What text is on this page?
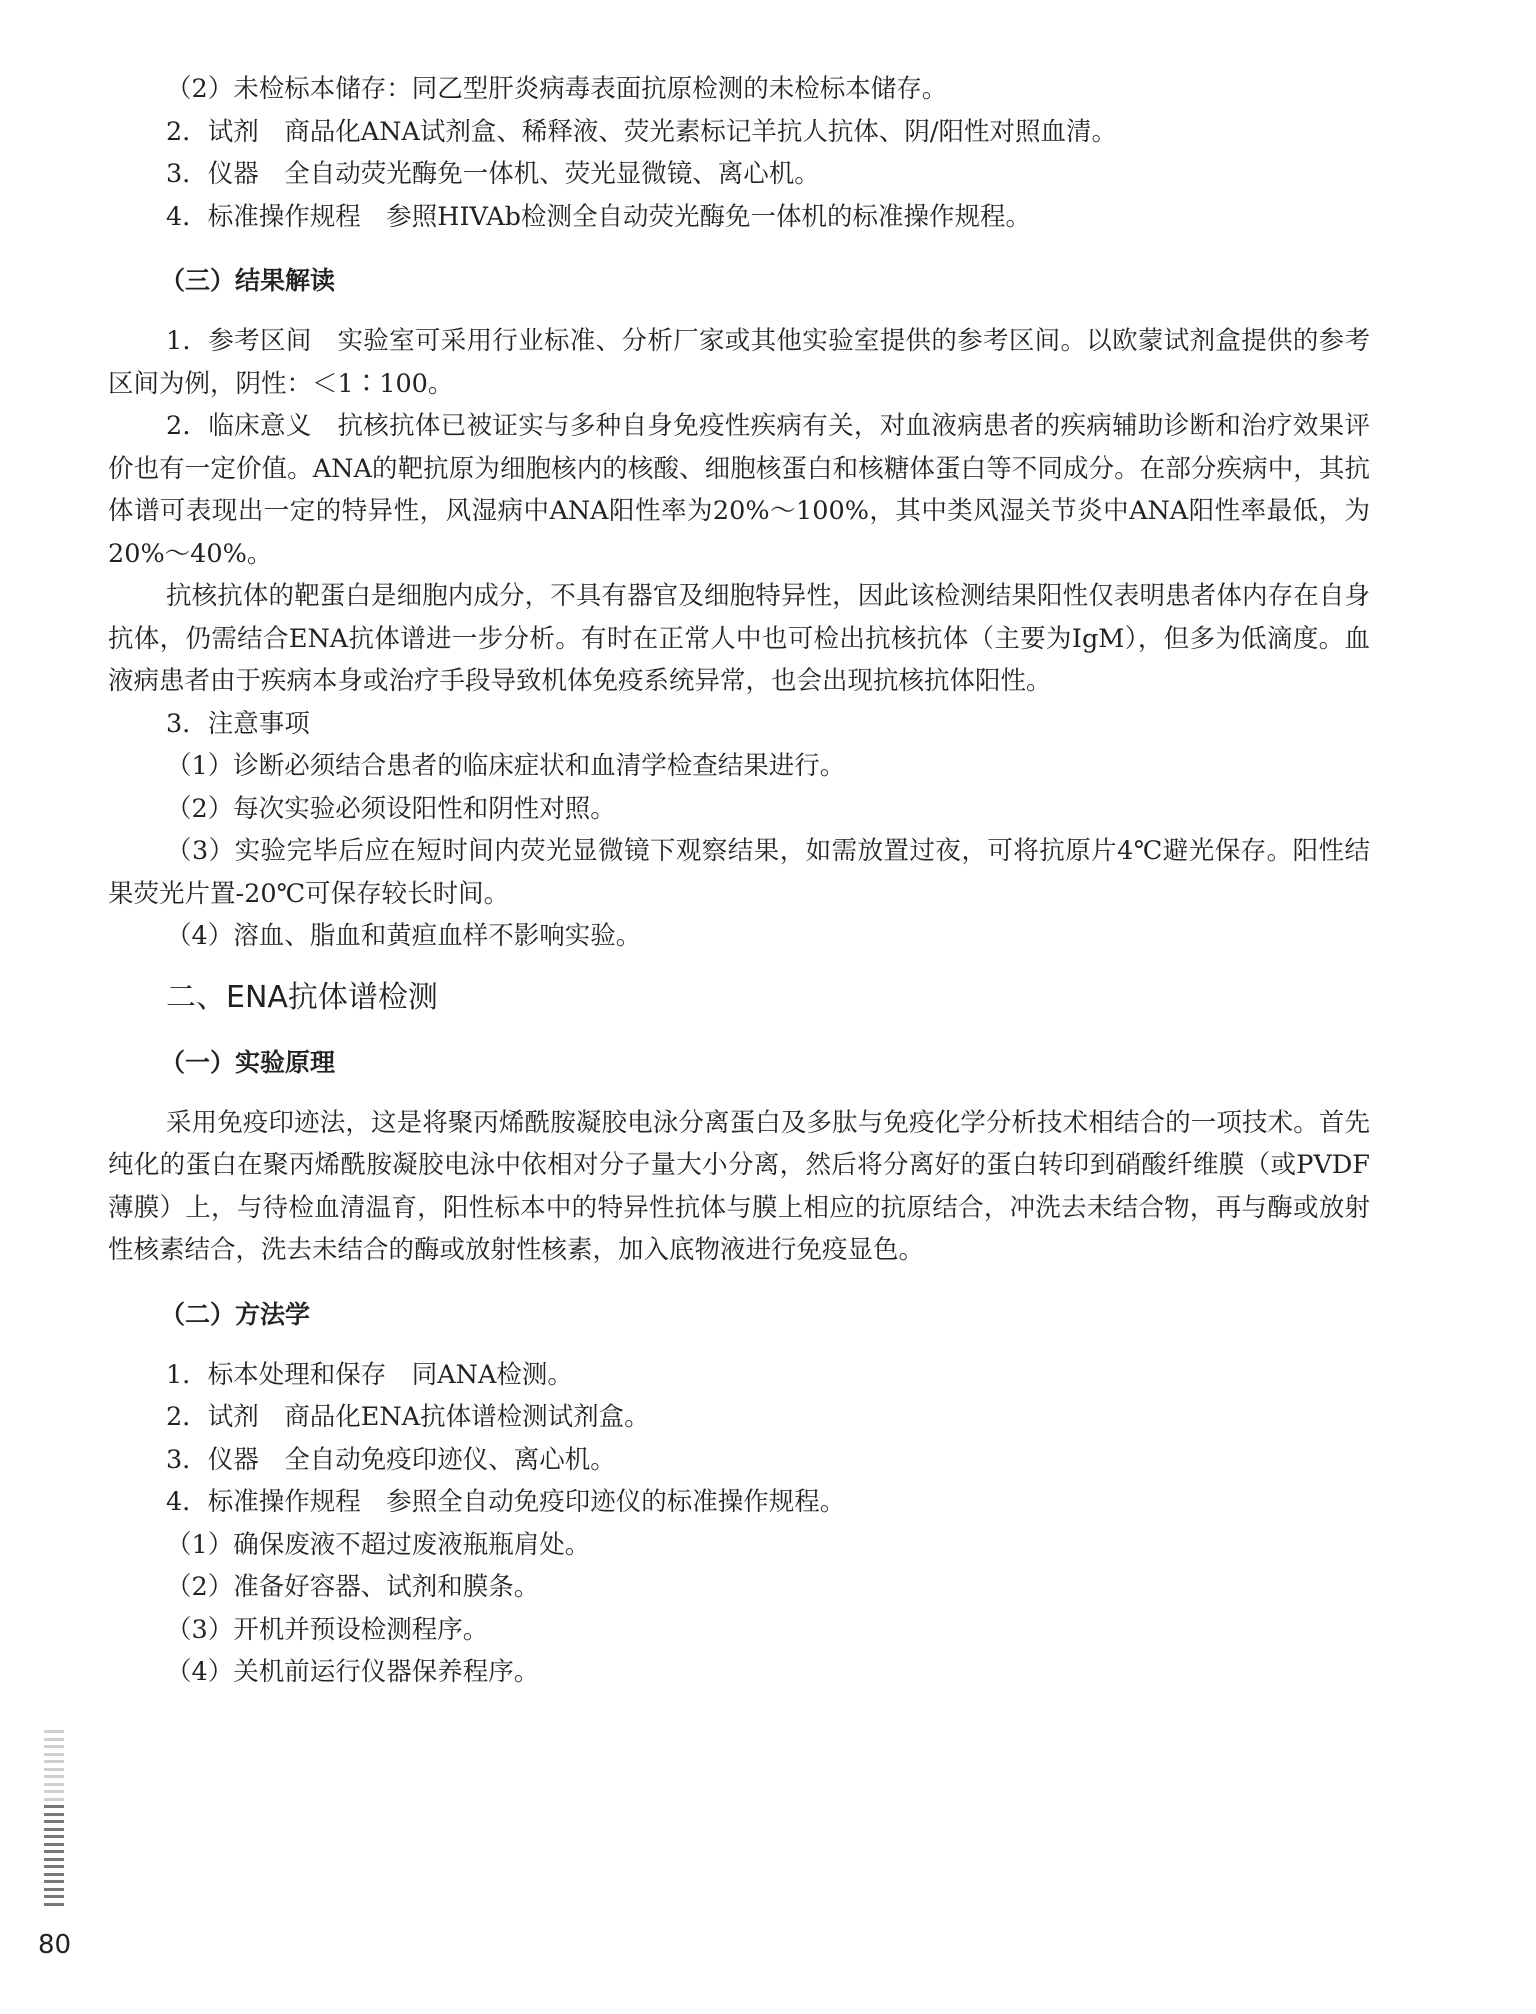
（2）未检标本储存：同乙型肝炎病毒表面抗原检测的未检标本储存。

2．试剂　商品化ANA试剂盒、稀释液、荧光素标记羊抗人抗体、阴/阳性对照血清。

3．仪器　全自动荧光酶免一体机、荧光显微镜、离心机。

4．标准操作规程　参照HIVAb检测全自动荧光酶免一体机的标准操作规程。

（三）结果解读

1．参考区间　实验室可采用行业标准、分析厂家或其他实验室提供的参考区间。以欧蒙试剂盒提供的参考区间为例，阴性：＜1∶100。

2．临床意义　抗核抗体已被证实与多种自身免疫性疾病有关，对血液病患者的疾病辅助诊断和治疗效果评价也有一定价值。ANA的靶抗原为细胞核内的核酸、细胞核蛋白和核糖体蛋白等不同成分。在部分疾病中，其抗体谱可表现出一定的特异性，风湿病中ANA阳性率为20%～100%，其中类风湿关节炎中ANA阳性率最低，为20%～40%。

抗核抗体的靶蛋白是细胞内成分，不具有器官及细胞特异性，因此该检测结果阳性仅表明患者体内存在自身抗体，仍需结合ENA抗体谱进一步分析。有时在正常人中也可检出抗核抗体（主要为IgM），但多为低滴度。血液病患者由于疾病本身或治疗手段导致机体免疫系统异常，也会出现抗核抗体阳性。

3．注意事项

（1）诊断必须结合患者的临床症状和血清学检查结果进行。

（2）每次实验必须设阳性和阴性对照。

（3）实验完毕后应在短时间内荧光显微镜下观察结果，如需放置过夜，可将抗原片4℃避光保存。阳性结果荧光片置-20℃可保存较长时间。

（4）溶血、脂血和黄疸血样不影响实验。

二、ENA抗体谱检测
（一）实验原理

采用免疫印迹法，这是将聚丙烯酰胺凝胶电泳分离蛋白及多肽与免疫化学分析技术相结合的一项技术。首先纯化的蛋白在聚丙烯酰胺凝胶电泳中依相对分子量大小分离，然后将分离好的蛋白转印到硝酸纤维膜（或PVDF薄膜）上，与待检血清温育，阳性标本中的特异性抗体与膜上相应的抗原结合，冲洗去未结合物，再与酶或放射性核素结合，洗去未结合的酶或放射性核素，加入底物液进行免疫显色。

（二）方法学

1．标本处理和保存　同ANA检测。

2．试剂　商品化ENA抗体谱检测试剂盒。

3．仪器　全自动免疫印迹仪、离心机。

4．标准操作规程　参照全自动免疫印迹仪的标准操作规程。

（1）确保废液不超过废液瓶瓶肩处。

（2）准备好容器、试剂和膜条。

（3）开机并预设检测程序。

（4）关机前运行仪器保养程序。

80
